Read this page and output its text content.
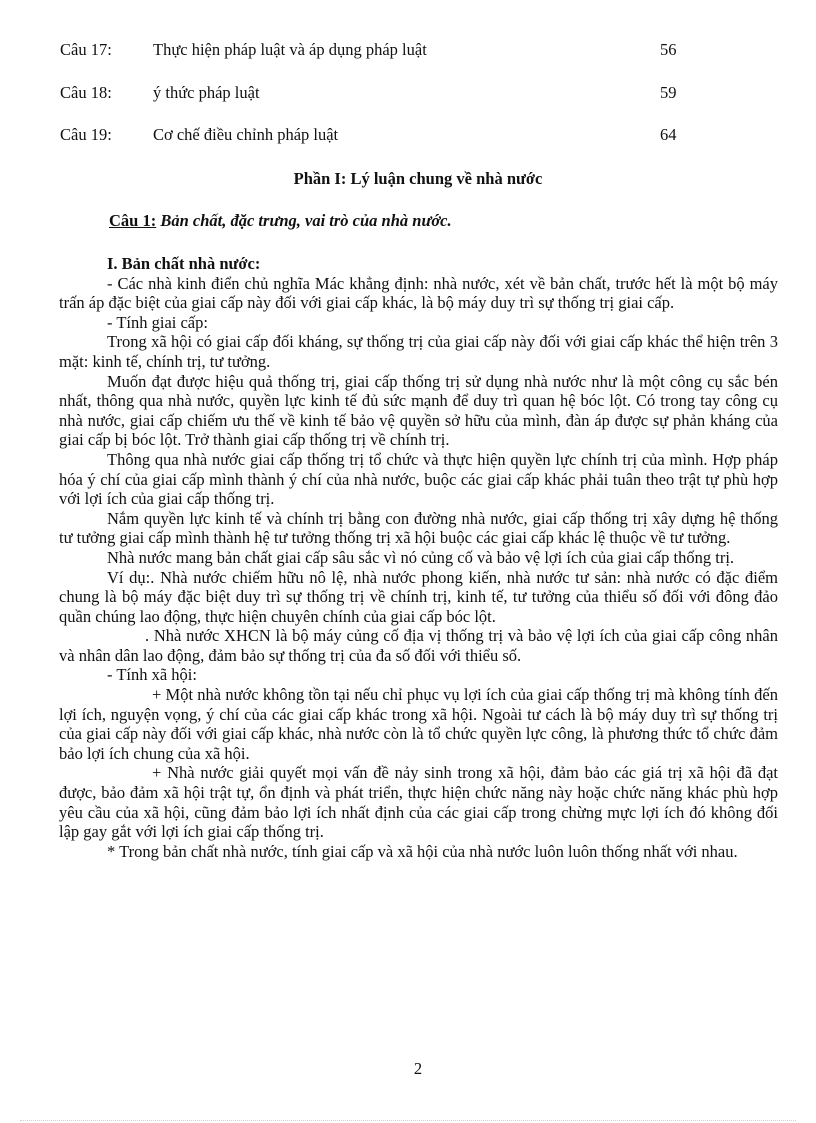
Câu 17: Thực hiện pháp luật và áp dụng pháp luật	56
Câu 18: ý thức pháp luật	59
Câu 19: Cơ chế điều chỉnh pháp luật	64
Phần I: Lý luận chung về nhà nước
Câu 1: Bản chất, đặc trưng, vai trò của nhà nước.

I. Bản chất nhà nước:

- Các nhà kinh điển chủ nghĩa Mác khẳng định: nhà nước, xét về bản chất, trước hết là một bộ máy trấn áp đặc biệt của giai cấp này đối với giai cấp khác, là bộ máy duy trì sự thống trị giai cấp.

- Tính giai cấp:

Trong xã hội có giai cấp đối kháng, sự thống trị của giai cấp này đối với giai cấp khác thể hiện trên 3 mặt: kinh tế, chính trị, tư tưởng.

Muốn đạt được hiệu quả thống trị, giai cấp thống trị sử dụng nhà nước như là một công cụ sắc bén nhất, thông qua nhà nước, quyền lực kinh tế đủ sức mạnh để duy trì quan hệ bóc lột. Có trong tay công cụ nhà nước, giai cấp chiếm ưu thế về kinh tế bảo vệ quyền sở hữu của mình, đàn áp được sự phản kháng của giai cấp bị bóc lột. Trở thành giai cấp thống trị về chính trị.

Thông qua nhà nước giai cấp thống trị tổ chức và thực hiện quyền lực chính trị của mình. Hợp pháp hóa ý chí của giai cấp mình thành ý chí của nhà nước, buộc các giai cấp khác phải tuân theo trật tự phù hợp với lợi ích của giai cấp thống trị.

Nắm quyền lực kinh tế và chính trị bằng con đường nhà nước, giai cấp thống trị xây dựng hệ thống tư tưởng giai cấp mình thành hệ tư tưởng thống trị xã hội buộc các giai cấp khác lệ thuộc về tư tưởng.

Nhà nước mang bản chất giai cấp sâu sắc vì nó củng cố và bảo vệ lợi ích của giai cấp thống trị.

Ví dụ:. Nhà nước chiếm hữu nô lệ, nhà nước phong kiến, nhà nước tư sản: nhà nước có đặc điểm chung là bộ máy đặc biệt duy trì sự thống trị về chính trị, kinh tế, tư tưởng của thiểu số đối với đông đảo quần chúng lao động, thực hiện chuyên chính của giai cấp bóc lột.

. Nhà nước XHCN là bộ máy củng cố địa vị thống trị và bảo vệ lợi ích của giai cấp công nhân và nhân dân lao động, đảm bảo sự thống trị của đa số đối với thiểu số.

- Tính xã hội:

+ Một nhà nước không tồn tại nếu chỉ phục vụ lợi ích của giai cấp thống trị mà không tính đến lợi ích, nguyện vọng, ý chí của các giai cấp khác trong xã hội. Ngoài tư cách là bộ máy duy trì sự thống trị của giai cấp này đối với giai cấp khác, nhà nước còn là tổ chức quyền lực công, là phương thức tổ chức đảm bảo lợi ích chung của xã hội.

+ Nhà nước giải quyết mọi vấn đề nảy sinh trong xã hội, đảm bảo các giá trị xã hội đã đạt được, bảo đảm xã hội trật tự, ổn định và phát triển, thực hiện chức năng này hoặc chức năng khác phù hợp yêu cầu của xã hội, cũng đảm bảo lợi ích nhất định của các giai cấp trong chừng mực lợi ích đó không đối lập gay gắt với lợi ích giai cấp thống trị.

* Trong bản chất nhà nước, tính giai cấp và xã hội của nhà nước luôn luôn thống nhất với nhau.

2
